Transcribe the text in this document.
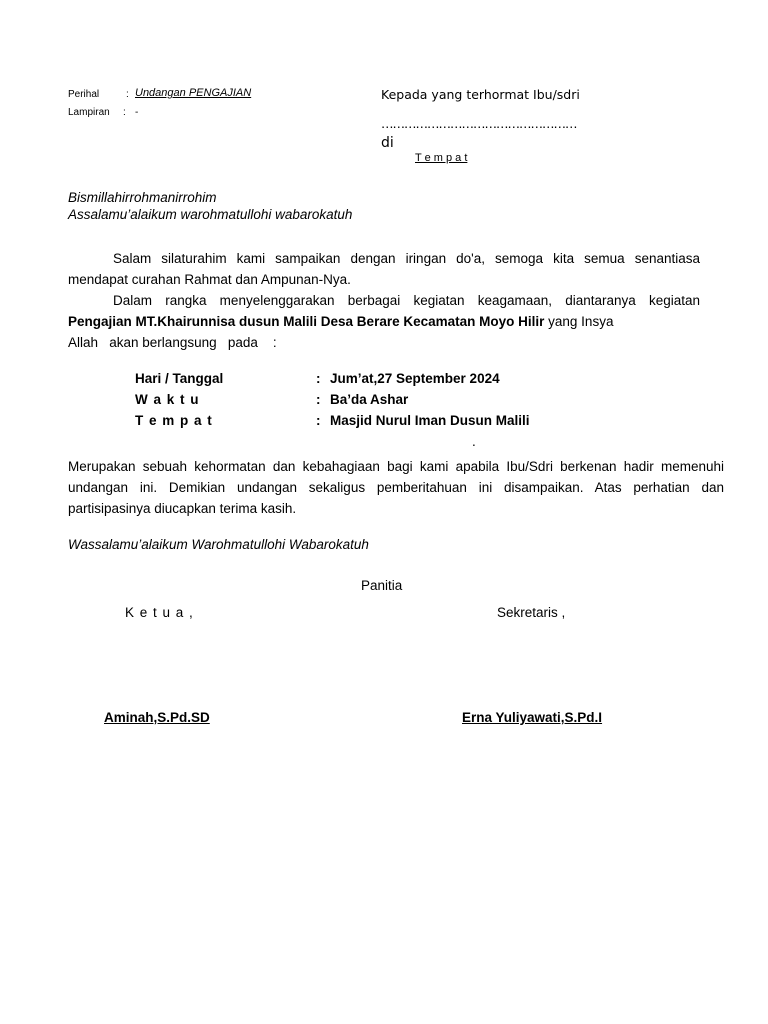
Perihal	: Undangan PENGAJIAN
Lampiran : -
Kepada yang terhormat Ibu/sdri
……………………………………………
di
T e m p a t
Bismillahirrohmanirrohim
Assalamu’alaikum warohmatullohi wabarokatuh
Salam silaturahim kami sampaikan dengan iringan do'a, semoga kita semua senantiasa mendapat curahan Rahmat dan Ampunan-Nya.
Dalam rangka menyelenggarakan berbagai kegiatan keagamaan, diantaranya kegiatan Pengajian MT.Khairunnisa dusun Malili Desa Berare Kecamatan Moyo Hilir yang Insya
Allah   akan berlangsung   pada    :
Hari / Tanggal	: Jum’at,27 September 2024
W a k t u	: Ba’da Ashar
T e m p a t	: Masjid Nurul Iman Dusun Malili
.
Merupakan sebuah kehormatan dan kebahagiaan bagi kami apabila Ibu/Sdri berkenan hadir memenuhi undangan ini. Demikian undangan sekaligus pemberitahuan ini disampaikan. Atas perhatian dan partisipasinya diucapkan terima kasih.
Wassalamu’alaikum Warohmatullohi Wabarokatuh
Panitia
K e t u a ,	Sekretaris ,
Aminah,S.Pd.SD	Erna Yuliyawati,S.Pd.I
